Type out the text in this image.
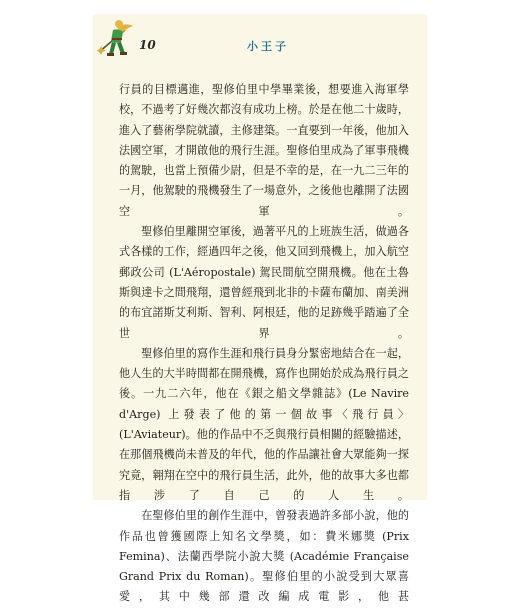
10	小王子

行員的目標邁進，聖修伯里中學畢業後，想要進入海軍學校，不過考了好幾次都沒有成功上榜。於是在他二十歲時，進入了藝術學院就讀，主修建築。一直要到一年後，他加入法國空軍，才開啟他的飛行生涯。聖修伯里成為了軍事飛機的駕駛，也當上預備少尉，但是不幸的是，在一九二三年的一月，他駕駛的飛機發生了一場意外，之後他也離開了法國空軍。

聖修伯里離開空軍後，過著平凡的上班族生活，做過各式各樣的工作，經過四年之後，他又回到飛機上，加入航空郵政公司 (L'Aéropostale) 駕民間航空開飛機。他在土魯斯與達卡之間飛翔，還曾經飛到北非的卡薩布蘭加、南美洲的布宜諾斯艾利斯、智利、阿根廷，他的足跡幾乎踏遍了全世界。

聖修伯里的寫作生涯和飛行員身分緊密地結合在一起，他人生的大半時間都在開飛機，寫作也開始於成為飛行員之後。一九二六年，他在《銀之船文學雜誌》(Le Navire d'Arge) 上發表了他的第一個故事〈飛行員〉(L'Aviateur)。他的作品中不乏與飛行員相關的經驗描述，在那個飛機尚未普及的年代，他的作品讓社會大眾能夠一探究竟，翱翔在空中的飛行員生活，此外，他的故事大多也都指涉了自己的人生。

在聖修伯里的創作生涯中，曾發表過許多部小說，他的作品也曾獲國際上知名文學獎，如：費米娜獎 (Prix Femina)、法蘭西學院小說大獎 (Académie Française Grand Prix du Roman)。聖修伯里的小說受到大眾喜愛，其中幾部還改編成電影，他甚
